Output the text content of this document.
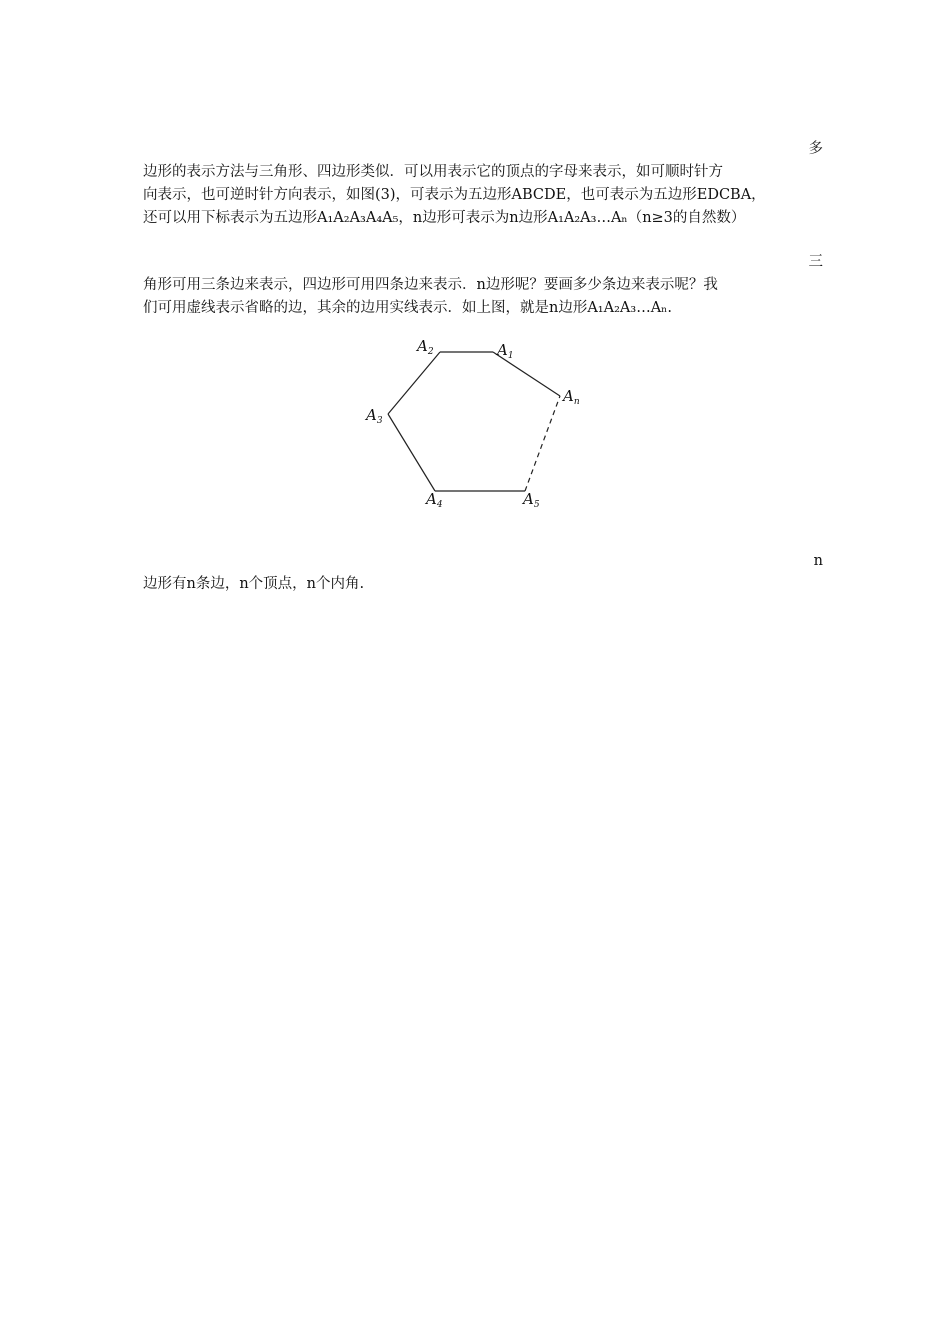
多
边形的表示方法与三角形、四边形类似．可以用表示它的顶点的字母来表示，如可顺时针方
向表示，也可逆时针方向表示，如图(3)，可表示为五边形ABCDE，也可表示为五边形EDCBA，
还可以用下标表示为五边形A₁A₂A₃A₄A₅，n边形可表示为n边形A₁A₂A₃…Aₙ（n≥3的自然数）
三
角形可用三条边来表示，四边形可用四条边来表示．n边形呢？要画多少条边来表示呢？我
们可用虚线表示省略的边，其余的边用实线表示．如上图，就是n边形A₁A₂A₃…Aₙ.
$A_1$
$A_2$
$A_3$
$A_4$	$A_5$
$A_n$
n
边形有n条边，n个顶点，n个内角.
